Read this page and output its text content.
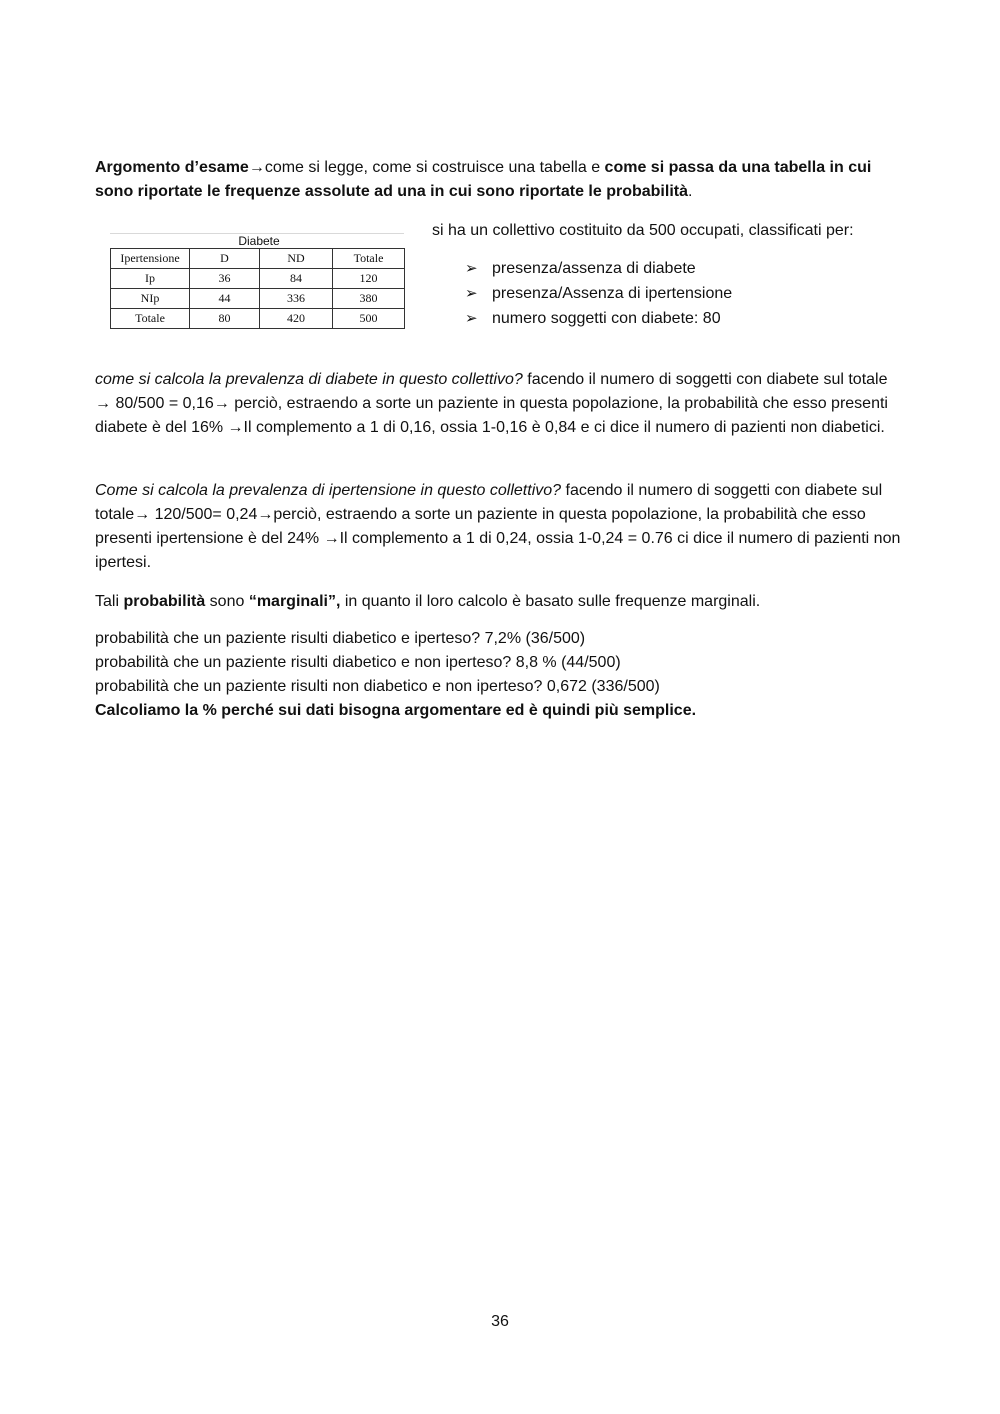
Argomento d’esame→come si legge, come si costruisce una tabella e come si passa da una tabella in cui sono riportate le frequenze assolute ad una in cui sono riportate le probabilità.

Diabete
Ipertensione	D	ND	Totale
Ip	36	84	120
NIp	44	336	380
Totale	80	420	500

si ha un collettivo costituito da 500 occupati, classificati per:

➢ presenza/assenza di diabete
➢ presenza/Assenza di ipertensione
➢ numero soggetti con diabete: 80

come si calcola la prevalenza di diabete in questo collettivo? facendo il numero di soggetti con diabete sul totale → 80/500 = 0,16→ perciò, estraendo a sorte un paziente in questa popolazione, la probabilità che esso presenti diabete è del 16% →Il complemento a 1 di 0,16, ossia 1-0,16 è 0,84 e ci dice il numero di pazienti non diabetici.

Come si calcola la prevalenza di ipertensione in questo collettivo? facendo il numero di soggetti con diabete sul totale→ 120/500= 0,24→perciò, estraendo a sorte un paziente in questa popolazione, la probabilità che esso presenti ipertensione è del 24% →Il complemento a 1 di 0,24, ossia 1-0,24 = 0.76 ci dice il numero di pazienti non ipertesi.

Tali probabilità sono “marginali”, in quanto il loro calcolo è basato sulle frequenze marginali.

probabilità che un paziente risulti diabetico e iperteso? 7,2% (36/500)
probabilità che un paziente risulti diabetico e non iperteso? 8,8 % (44/500)
probabilità che un paziente risulti non diabetico e non iperteso? 0,672 (336/500)
Calcoliamo la % perché sui dati bisogna argomentare ed è quindi più semplice.
36
